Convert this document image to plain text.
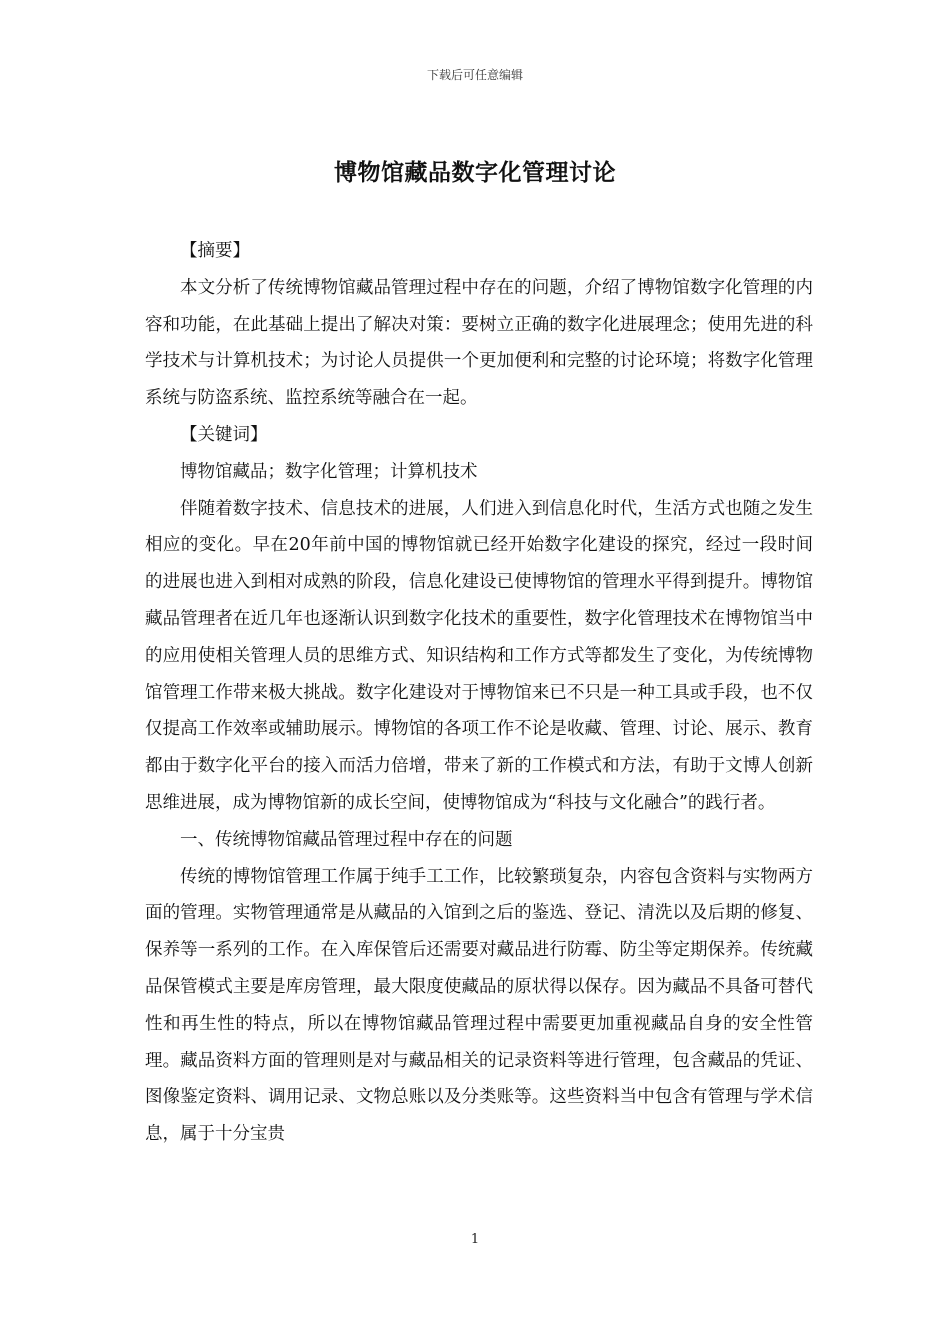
下载后可任意编辑
博物馆藏品数字化管理讨论

【摘要】

本文分析了传统博物馆藏品管理过程中存在的问题，介绍了博物馆数字化管理的内容和功能，在此基础上提出了解决对策：要树立正确的数字化进展理念；使用先进的科学技术与计算机技术；为讨论人员提供一个更加便利和完整的讨论环境；将数字化管理系统与防盗系统、监控系统等融合在一起。

【关键词】

博物馆藏品；数字化管理；计算机技术

伴随着数字技术、信息技术的进展，人们进入到信息化时代，生活方式也随之发生相应的变化。早在20年前中国的博物馆就已经开始数字化建设的探究，经过一段时间的进展也进入到相对成熟的阶段，信息化建设已使博物馆的管理水平得到提升。博物馆藏品管理者在近几年也逐渐认识到数字化技术的重要性，数字化管理技术在博物馆当中的应用使相关管理人员的思维方式、知识结构和工作方式等都发生了变化，为传统博物馆管理工作带来极大挑战。数字化建设对于博物馆来已不只是一种工具或手段，也不仅仅提高工作效率或辅助展示。博物馆的各项工作不论是收藏、管理、讨论、展示、教育都由于数字化平台的接入而活力倍增，带来了新的工作模式和方法，有助于文博人创新思维进展，成为博物馆新的成长空间，使博物馆成为“科技与文化融合”的践行者。

一、传统博物馆藏品管理过程中存在的问题

传统的博物馆管理工作属于纯手工工作，比较繁琐复杂，内容包含资料与实物两方面的管理。实物管理通常是从藏品的入馆到之后的鉴选、登记、清洗以及后期的修复、保养等一系列的工作。在入库保管后还需要对藏品进行防霉、防尘等定期保养。传统藏品保管模式主要是库房管理，最大限度使藏品的原状得以保存。因为藏品不具备可替代性和再生性的特点，所以在博物馆藏品管理过程中需要更加重视藏品自身的安全性管理。藏品资料方面的管理则是对与藏品相关的记录资料等进行管理，包含藏品的凭证、图像鉴定资料、调用记录、文物总账以及分类账等。这些资料当中包含有管理与学术信息，属于十分宝贵

1
